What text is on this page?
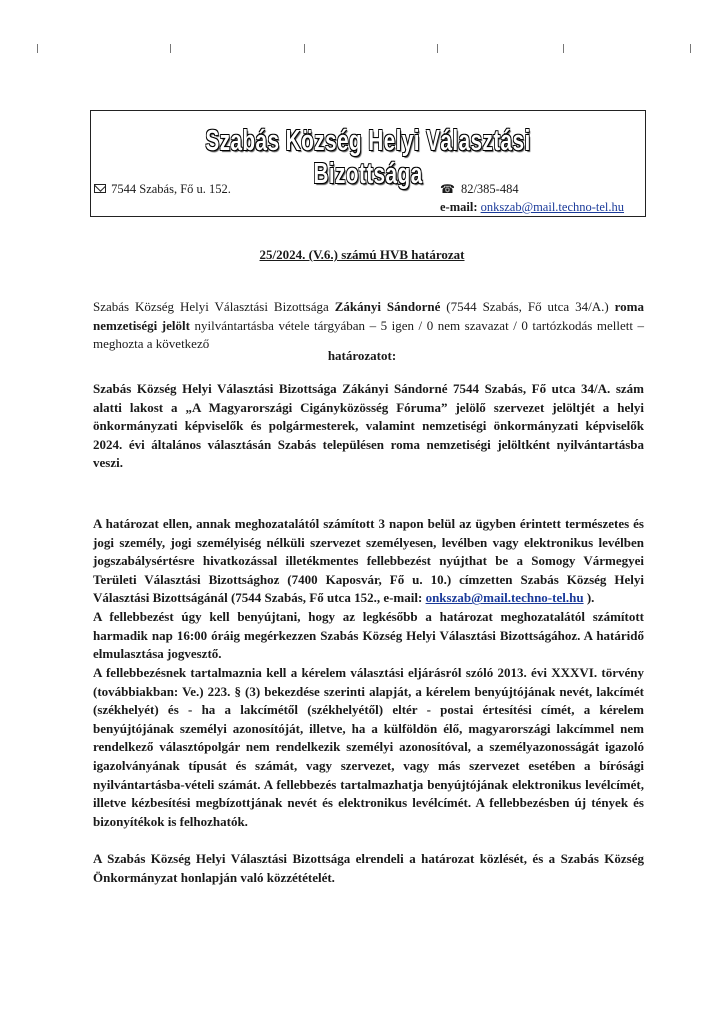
Szabás Község Helyi Választási Bizottsága
7544 Szabás, Fő u. 152.	☎ 82/385-484
e-mail: onkszab@mail.techno-tel.hu
25/2024. (V.6.) számú HVB határozat
Szabás Község Helyi Választási Bizottsága Zákányi Sándorné (7544 Szabás, Fő utca 34/A.) roma nemzetiségi jelölt nyilvántartásba vétele tárgyában – 5 igen / 0 nem szavazat / 0 tartózkodás mellett – meghozta a következő
határozatot:
Szabás Község Helyi Választási Bizottsága Zákányi Sándorné 7544 Szabás, Fő utca 34/A. szám alatti lakost a „A Magyarországi Cigányközösség Fóruma” jelölő szervezet jelöltjét a helyi önkormányzati képviselők és polgármesterek, valamint nemzetiségi önkormányzati képviselők 2024. évi általános választásán Szabás településen roma nemzetiségi jelöltként nyilvántartásba veszi.
A határozat ellen, annak meghozatalától számított 3 napon belül az ügyben érintett természetes és jogi személy, jogi személyiség nélküli szervezet személyesen, levélben vagy elektronikus levélben jogszabálysértésre hivatkozással illetékmentes fellebbezést nyújthat be a Somogy Vármegyei Területi Választási Bizottsághoz (7400 Kaposvár, Fő u. 10.) címzetten Szabás Község Helyi Választási Bizottságánál (7544 Szabás, Fő utca 152., e-mail: onkszab@mail.techno-tel.hu ).
A fellebbezést úgy kell benyújtani, hogy az legkésőbb a határozat meghozatalától számított harmadik nap 16:00 óráig megérkezzen Szabás Község Helyi Választási Bizottságához. A határidő elmulasztása jogvesztő.
A fellebbezésnek tartalmaznia kell a kérelem választási eljárásról szóló 2013. évi XXXVI. törvény (továbbiakban: Ve.) 223. § (3) bekezdése szerinti alapját, a kérelem benyújtójának nevét, lakcímét (székhelyét) és - ha a lakcímétől (székhelyétől) eltér - postai értesítési címét, a kérelem benyújtójának személyi azonosítóját, illetve, ha a külföldön élő, magyarországi lakcímmel nem rendelkező választópolgár nem rendelkezik személyi azonosítóval, a személyazonosságát igazoló igazolványának típusát és számát, vagy szervezet, vagy más szervezet esetében a bírósági nyilvántartásba-vételi számát. A fellebbezés tartalmazhatja benyújtójának elektronikus levélcímét, illetve kézbesítési megbízottjának nevét és elektronikus levélcímét. A fellebbezésben új tények és bizonyítékok is felhozhatók.
A Szabás Község Helyi Választási Bizottsága elrendeli a határozat közlését, és a Szabás Község Önkormányzat honlapján való közzétételét.
